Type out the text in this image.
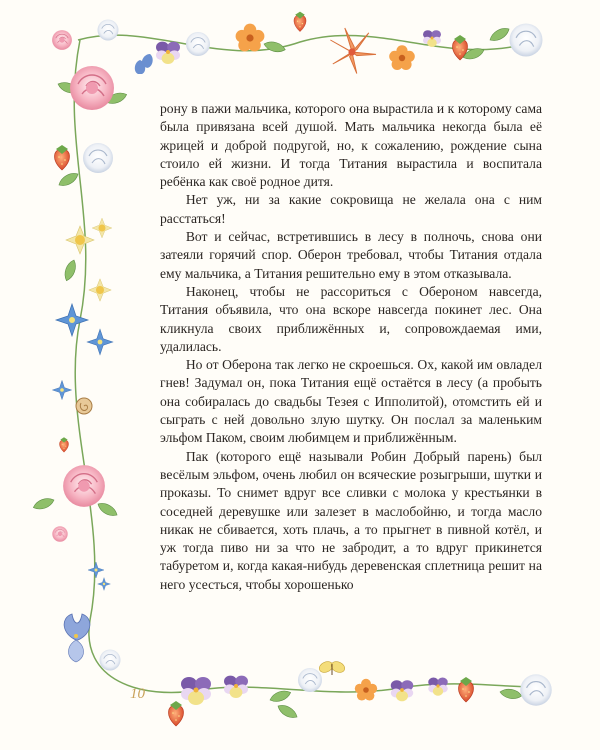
рону в пажи мальчика, которого она вырастила и к которому сама была привязана всей душой. Мать мальчика некогда была её жрицей и доброй подругой, но, к сожалению, рождение сына стоило ей жизни. И тогда Титания вырастила и воспитала ребёнка как своё родное дитя.

Нет уж, ни за какие сокровища не желала она с ним расстаться!

Вот и сейчас, встретившись в лесу в полночь, снова они затеяли горячий спор. Оберон требовал, чтобы Титания отдала ему мальчика, а Титания решительно ему в этом отказывала.

Наконец, чтобы не рассориться с Обероном навсегда, Титания объявила, что она вскоре навсегда покинет лес. Она кликнула своих приближённых и, сопровождаемая ими, удалилась.

Но от Оберона так легко не скроешься. Ох, какой им овладел гнев! Задумал он, пока Титания ещё остаётся в лесу (а пробыть она собиралась до свадьбы Тезея с Ипполитой), отомстить ей и сыграть с ней довольно злую шутку. Он послал за маленьким эльфом Паком, своим любимцем и приближённым.

Пак (которого ещё называли Робин Добрый парень) был весёлым эльфом, очень любил он всяческие розыгрыши, шутки и проказы. То снимет вдруг все сливки с молока у крестьянки в соседней деревушке или залезет в маслобойню, и тогда масло никак не сбивается, хоть плачь, а то прыгнет в пивной котёл, и уж тогда пиво ни за что не забродит, а то вдруг прикинется табуретом и, когда какая-нибудь деревенская сплетница решит на него усесться, чтобы хорошенько

10
